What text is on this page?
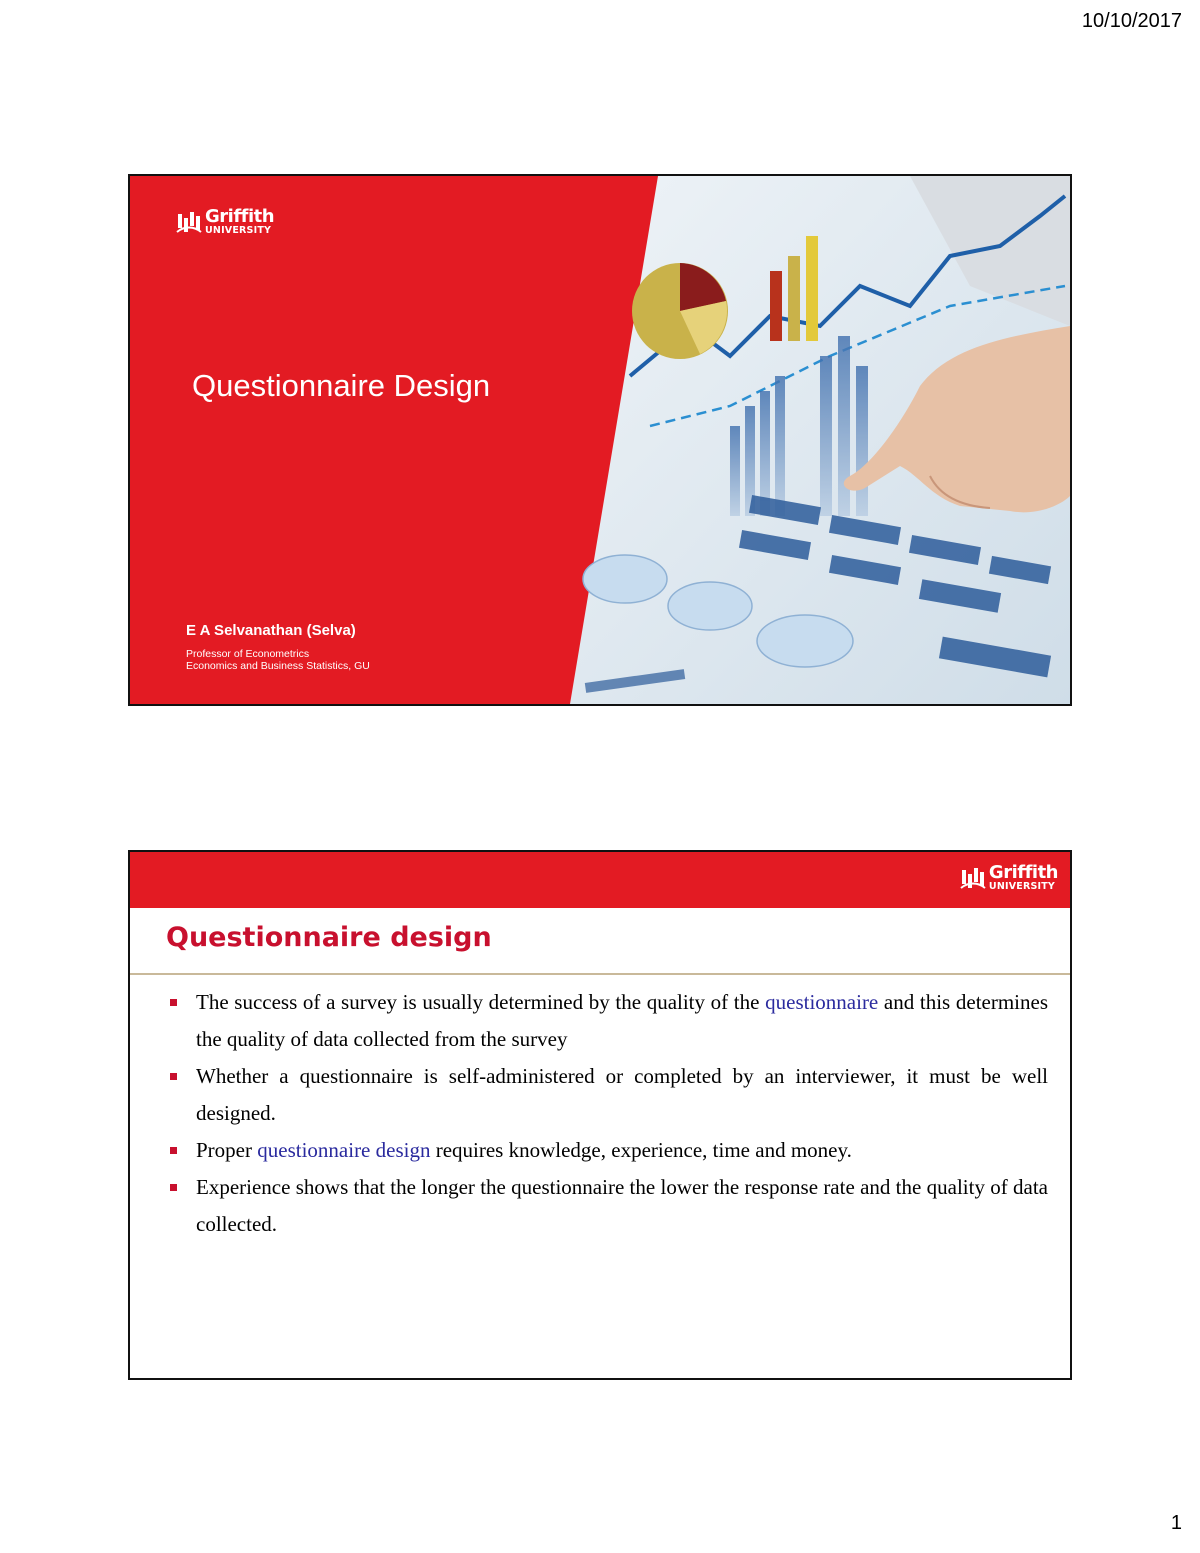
10/10/2017
Griffith
UNIVERSITY
Questionnaire Design
E A Selvanathan (Selva)
Professor of Econometrics
Economics and Business Statistics, GU
Griffith
UNIVERSITY
Questionnaire design
The success of a survey is usually determined by the quality of the questionnaire and this determines the quality of data collected from the survey
Whether a questionnaire is self-administered or completed by an interviewer, it must be well designed.
Proper questionnaire design requires knowledge, experience, time and money.
Experience shows that the longer the questionnaire the lower the response rate and the quality of data collected.
1
